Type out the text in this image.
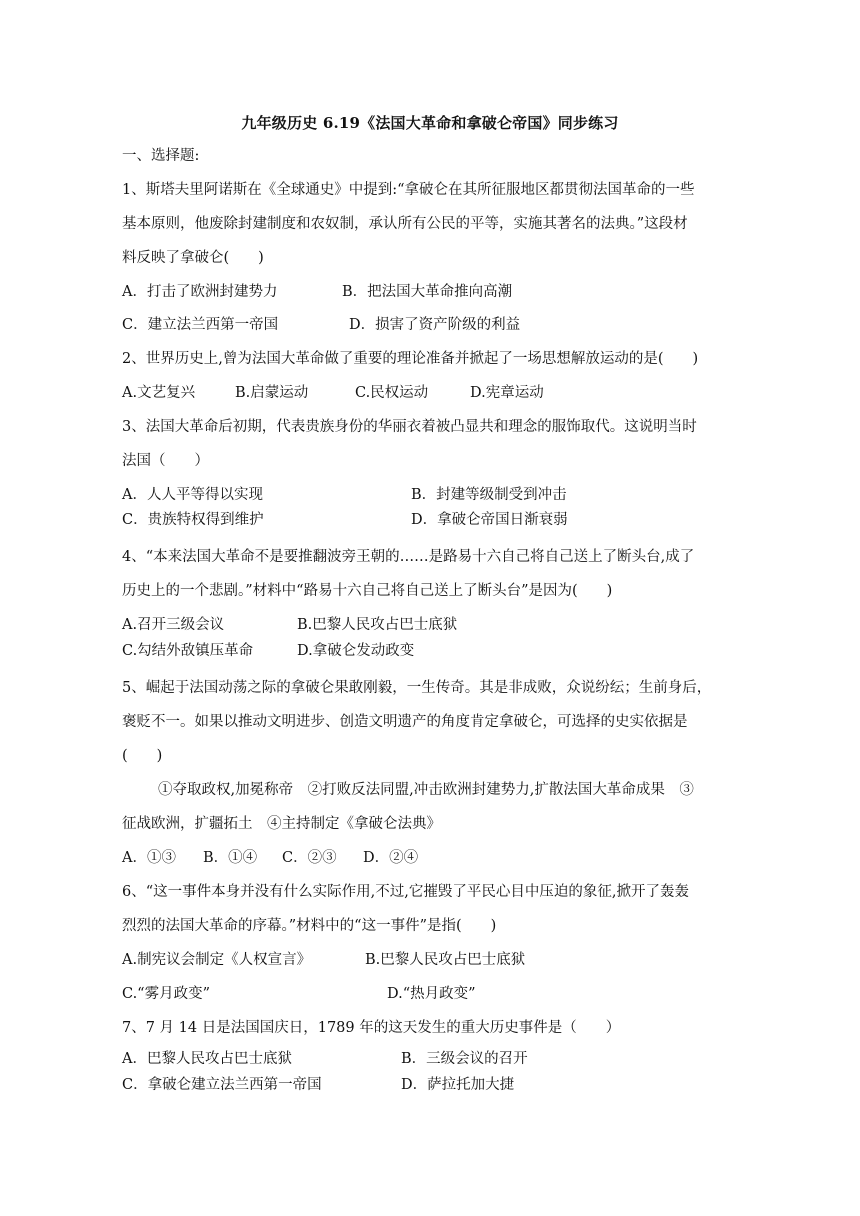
九年级历史 6.19《法国大革命和拿破仑帝国》同步练习
一、选择题:
1、斯塔夫里阿诺斯在《全球通史》中提到:“拿破仑在其所征服地区都贯彻法国革命的一些
基本原则，他废除封建制度和农奴制，承认所有公民的平等，实施其著名的法典。”这段材
料反映了拿破仑(　　)
A．打击了欧洲封建势力	B．把法国大革命推向高潮
C．建立法兰西第一帝国	D．损害了资产阶级的利益
2、世界历史上,曾为法国大革命做了重要的理论准备并掀起了一场思想解放运动的是(　　)
A.文艺复兴	B.启蒙运动	C.民权运动	D.宪章运动
3、法国大革命后初期，代表贵族身份的华丽衣着被凸显共和理念的服饰取代。这说明当时
法国（　　）
A．人人平等得以实现	B．封建等级制受到冲击
C．贵族特权得到维护	D．拿破仑帝国日渐衰弱
4、“本来法国大革命不是要推翻波旁王朝的……是路易十六自己将自己送上了断头台,成了
历史上的一个悲剧。”材料中“路易十六自己将自己送上了断头台”是因为(　　)
A.召开三级会议	B.巴黎人民攻占巴士底狱
C.勾结外敌镇压革命	D.拿破仑发动政变
5、崛起于法国动荡之际的拿破仑果敢刚毅，一生传奇。其是非成败，众说纷纭；生前身后，
褒贬不一。如果以推动文明进步、创造文明遗产的角度肯定拿破仑，可选择的史实依据是
(　　)
①夺取政权,加冕称帝　②打败反法同盟,冲击欧洲封建势力,扩散法国大革命成果　③
征战欧洲，扩疆拓土　④主持制定《拿破仑法典》
A．①③ B．①④ C．②③ D．②④
6、“这一事件本身并没有什么实际作用,不过,它摧毁了平民心目中压迫的象征,掀开了轰轰
烈烈的法国大革命的序幕。”材料中的“这一事件”是指(　　)
A.制宪议会制定《人权宣言》	B.巴黎人民攻占巴士底狱
C.“雾月政变”	D.“热月政变”
7、7 月 14 日是法国国庆日，1789 年的这天发生的重大历史事件是（　　）
A．巴黎人民攻占巴士底狱	B．三级会议的召开
C．拿破仑建立法兰西第一帝国	D．萨拉托加大捷
